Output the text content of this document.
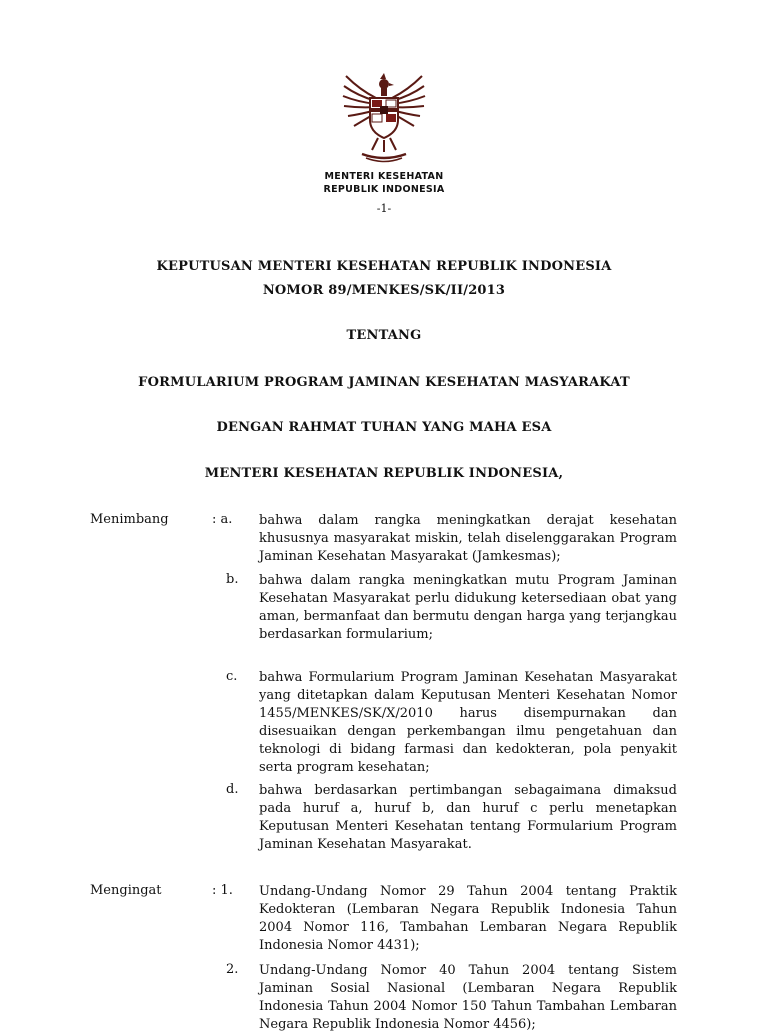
MENTERI KESEHATAN
REPUBLIK INDONESIA
-1-
KEPUTUSAN MENTERI KESEHATAN REPUBLIK INDONESIA
NOMOR 89/MENKES/SK/II/2013
TENTANG
FORMULARIUM PROGRAM JAMINAN KESEHATAN MASYARAKAT
DENGAN RAHMAT TUHAN YANG MAHA ESA
MENTERI KESEHATAN REPUBLIK INDONESIA,
Menimbang	: a. bahwa dalam rangka meningkatkan derajat kesehatan khususnya masyarakat miskin, telah diselenggarakan Program Jaminan Kesehatan Masyarakat (Jamkesmas);
b. bahwa dalam rangka meningkatkan mutu Program Jaminan Kesehatan Masyarakat perlu didukung ketersediaan obat yang aman, bermanfaat dan bermutu dengan harga yang terjangkau berdasarkan formularium;
c. bahwa Formularium Program Jaminan Kesehatan Masyarakat yang ditetapkan dalam Keputusan Menteri Kesehatan Nomor 1455/MENKES/SK/X/2010 harus disempurnakan dan disesuaikan dengan perkembangan ilmu pengetahuan dan teknologi di bidang farmasi dan kedokteran, pola penyakit serta program kesehatan;
d. bahwa berdasarkan pertimbangan sebagaimana dimaksud pada huruf a, huruf b, dan huruf c perlu menetapkan Keputusan Menteri Kesehatan tentang Formularium Program Jaminan Kesehatan Masyarakat.
Mengingat	: 1. Undang-Undang Nomor 29 Tahun 2004 tentang Praktik Kedokteran (Lembaran Negara Republik Indonesia Tahun 2004 Nomor 116, Tambahan Lembaran Negara Republik Indonesia Nomor 4431);
2. Undang-Undang Nomor 40 Tahun 2004 tentang Sistem Jaminan Sosial Nasional (Lembaran Negara Republik Indonesia Tahun 2004 Nomor 150 Tahun Tambahan Lembaran Negara Republik Indonesia Nomor 4456);
